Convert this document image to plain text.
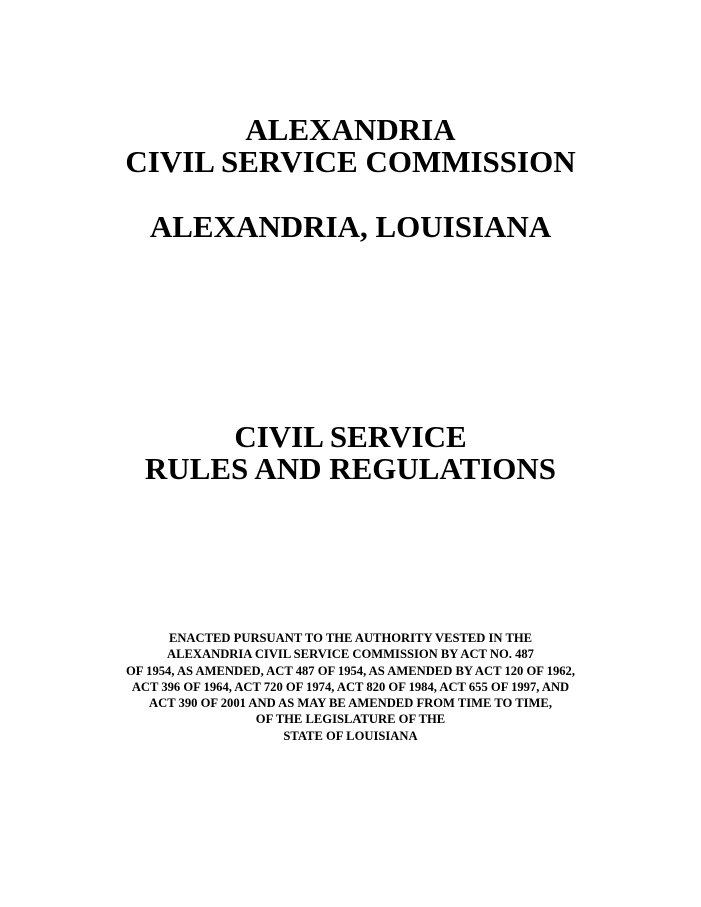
ALEXANDRIA
CIVIL SERVICE COMMISSION
ALEXANDRIA, LOUISIANA
CIVIL SERVICE
RULES AND REGULATIONS
ENACTED PURSUANT TO THE AUTHORITY VESTED IN THE
ALEXANDRIA CIVIL SERVICE COMMISSION BY ACT NO. 487
OF 1954, AS AMENDED, ACT 487 OF 1954, AS AMENDED BY ACT 120 OF 1962,
ACT 396 OF 1964, ACT 720 OF 1974, ACT 820 OF 1984, ACT 655 OF 1997, AND
ACT 390 OF 2001 AND AS MAY BE AMENDED FROM TIME TO TIME,
OF THE LEGISLATURE OF THE
STATE OF LOUISIANA
